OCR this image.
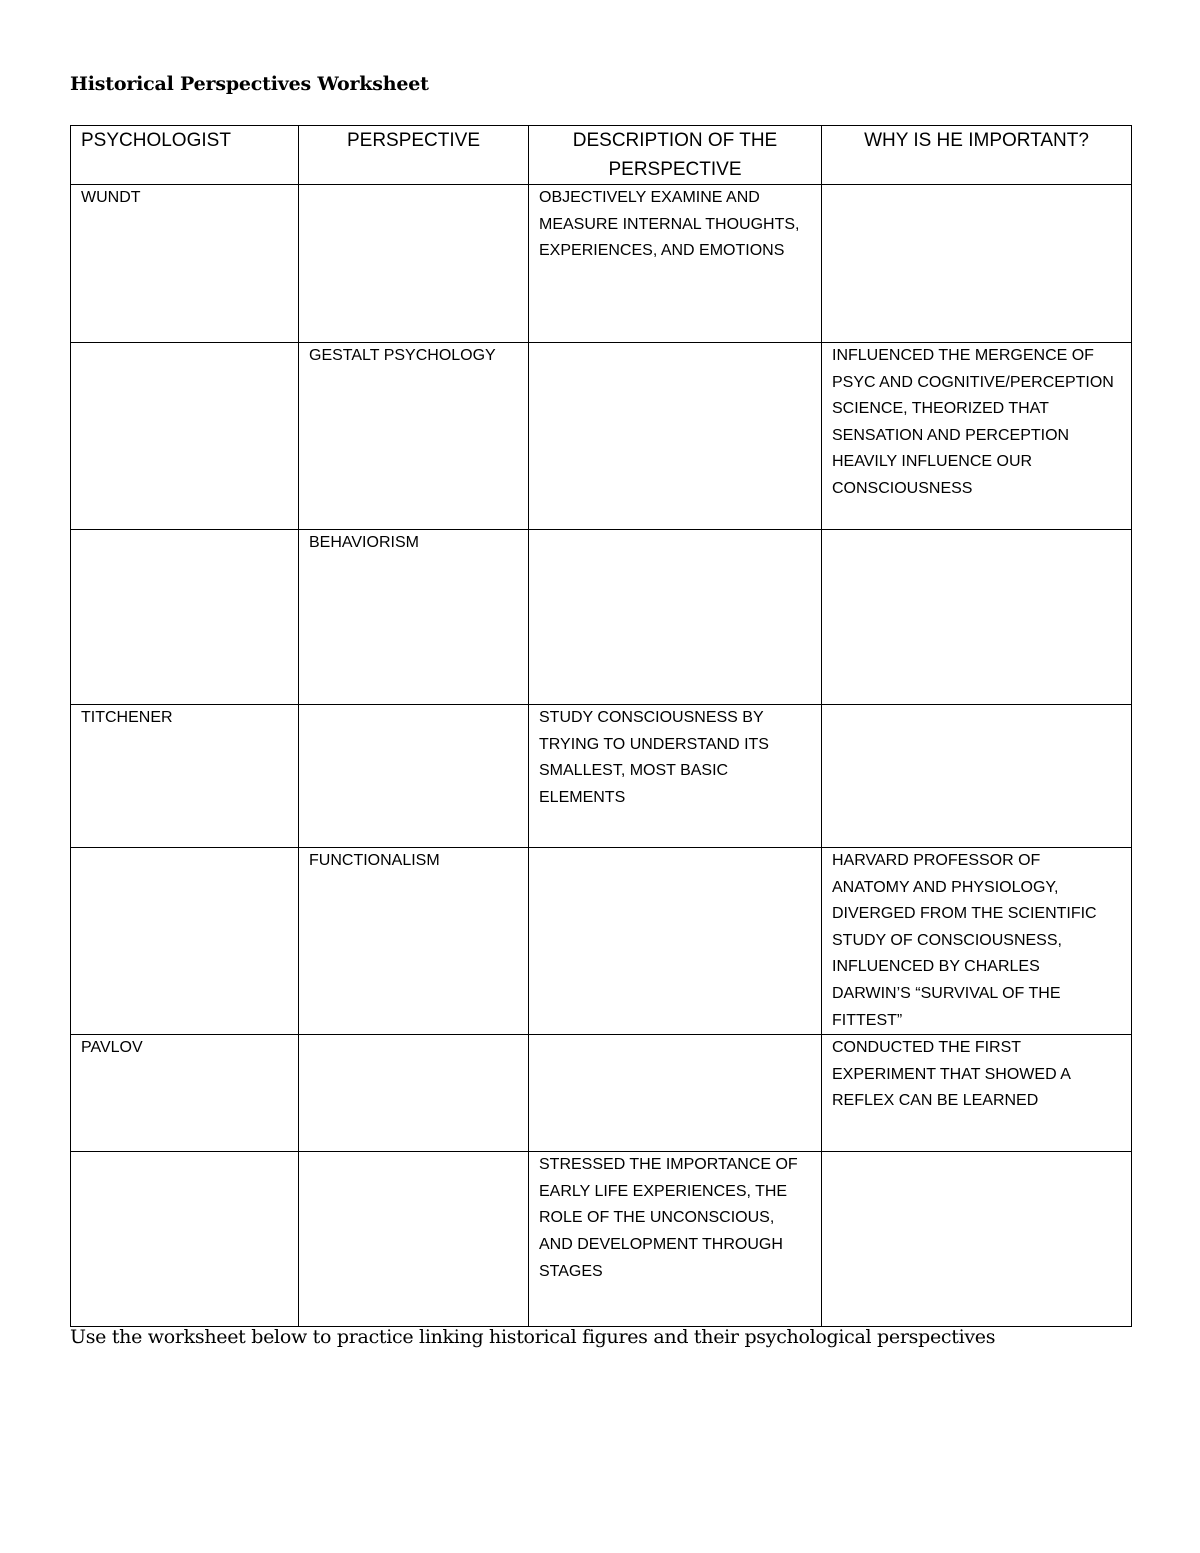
Historical Perspectives Worksheet
PSYCHOLOGIST	PERSPECTIVE	DESCRIPTION OF THE PERSPECTIVE	WHY IS HE IMPORTANT?
WUNDT		OBJECTIVELY EXAMINE AND MEASURE INTERNAL THOUGHTS, EXPERIENCES, AND EMOTIONS	
	GESTALT PSYCHOLOGY		INFLUENCED THE MERGENCE OF PSYC AND COGNITIVE/PERCEPTION SCIENCE, THEORIZED THAT SENSATION AND PERCEPTION HEAVILY INFLUENCE OUR CONSCIOUSNESS
	BEHAVIORISM		
TITCHENER		STUDY CONSCIOUSNESS BY TRYING TO UNDERSTAND ITS SMALLEST, MOST BASIC ELEMENTS	
	FUNCTIONALISM		HARVARD PROFESSOR OF ANATOMY AND PHYSIOLOGY, DIVERGED FROM THE SCIENTIFIC STUDY OF CONSCIOUSNESS, INFLUENCED BY CHARLES DARWIN’S “SURVIVAL OF THE FITTEST”
PAVLOV			CONDUCTED THE FIRST EXPERIMENT THAT SHOWED A REFLEX CAN BE LEARNED
		STRESSED THE IMPORTANCE OF EARLY LIFE EXPERIENCES, THE ROLE OF THE UNCONSCIOUS, AND DEVELOPMENT THROUGH STAGES	

Use the worksheet below to practice linking historical figures and their psychological perspectives
